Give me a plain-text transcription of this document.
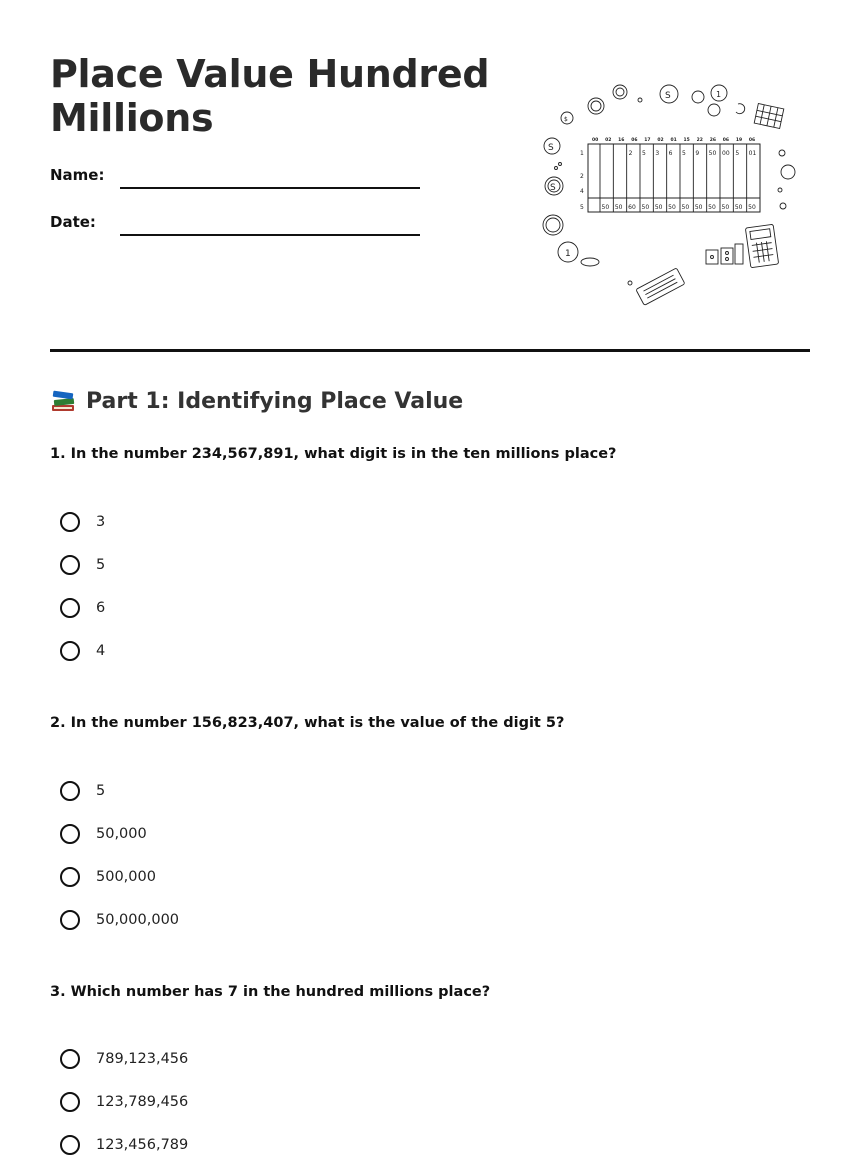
Place Value Hundred
Millions
Name:
Date:
S
S
1
$
S	1
00 02 16 06 17 02 01 15 22 26 06 19 06
1
2
4
5
2 5 3 6 5 9 50 00 5 01
50 50 60 50 50 50 50 50 50 50 50 50
Part 1: Identifying Place Value
1. In the number 234,567,891, what digit is in the ten millions place?
3
5
6
4
2. In the number 156,823,407, what is the value of the digit 5?
5
50,000
500,000
50,000,000
3. Which number has 7 in the hundred millions place?
789,123,456
123,789,456
123,456,789
